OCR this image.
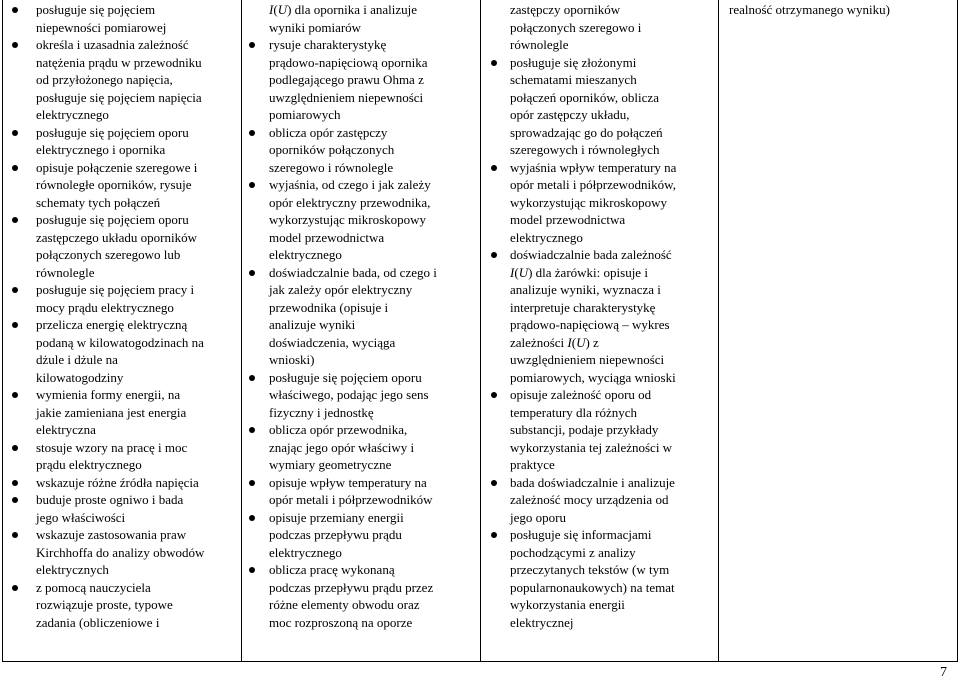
posługuje się pojęciem
niepewności pomiarowej
określa i uzasadnia zależność
natężenia prądu w przewodniku
od przyłożonego napięcia,
posługuje się pojęciem napięcia
elektrycznego
posługuje się pojęciem oporu
elektrycznego i opornika
opisuje połączenie szeregowe i
równoległe oporników, rysuje
schematy tych połączeń
posługuje się pojęciem oporu
zastępczego układu oporników
połączonych szeregowo lub
równolegle
posługuje się pojęciem pracy i
mocy prądu elektrycznego
przelicza energię elektryczną
podaną w kilowatogodzinach na
dżule i dżule na
kilowatogodziny
wymienia formy energii, na
jakie zamieniana jest energia
elektryczna
stosuje wzory na pracę i moc
prądu elektrycznego
wskazuje różne źródła napięcia
buduje proste ogniwo i bada
jego właściwości
wskazuje zastosowania praw
Kirchhoffa do analizy obwodów
elektrycznych
z pomocą nauczyciela
rozwiązuje proste, typowe
zadania (obliczeniowe i
I(U) dla opornika i analizuje
wyniki pomiarów
rysuje charakterystykę
prądowo-napięciową opornika
podlegającego prawu Ohma z
uwzględnieniem niepewności
pomiarowych
oblicza opór zastępczy
oporników połączonych
szeregowo i równolegle
wyjaśnia, od czego i jak zależy
opór elektryczny przewodnika,
wykorzystując mikroskopowy
model przewodnictwa
elektrycznego
doświadczalnie bada, od czego i
jak zależy opór elektryczny
przewodnika (opisuje i
analizuje wyniki
doświadczenia, wyciąga
wnioski)
posługuje się pojęciem oporu
właściwego, podając jego sens
fizyczny i jednostkę
oblicza opór przewodnika,
znając jego opór właściwy i
wymiary geometryczne
opisuje wpływ temperatury na
opór metali i półprzewodników
opisuje przemiany energii
podczas przepływu prądu
elektrycznego
oblicza pracę wykonaną
podczas przepływu prądu przez
różne elementy obwodu oraz
moc rozproszoną na oporze
zastępczy oporników
połączonych szeregowo i
równolegle
posługuje się złożonymi
schematami mieszanych
połączeń oporników, oblicza
opór zastępczy układu,
sprowadzając go do połączeń
szeregowych i równoległych
wyjaśnia wpływ temperatury na
opór metali i półprzewodników,
wykorzystując mikroskopowy
model przewodnictwa
elektrycznego
doświadczalnie bada zależność
I(U) dla żarówki: opisuje i
analizuje wyniki, wyznacza i
interpretuje charakterystykę
prądowo-napięciową – wykres
zależności I(U) z
uwzględnieniem niepewności
pomiarowych, wyciąga wnioski
opisuje zależność oporu od
temperatury dla różnych
substancji, podaje przykłady
wykorzystania tej zależności w
praktyce
bada doświadczalnie i analizuje
zależność mocy urządzenia od
jego oporu
posługuje się informacjami
pochodzącymi z analizy
przeczytanych tekstów (w tym
popularnonaukowych) na temat
wykorzystania energii
elektrycznej
realność otrzymanego wyniku)
7
